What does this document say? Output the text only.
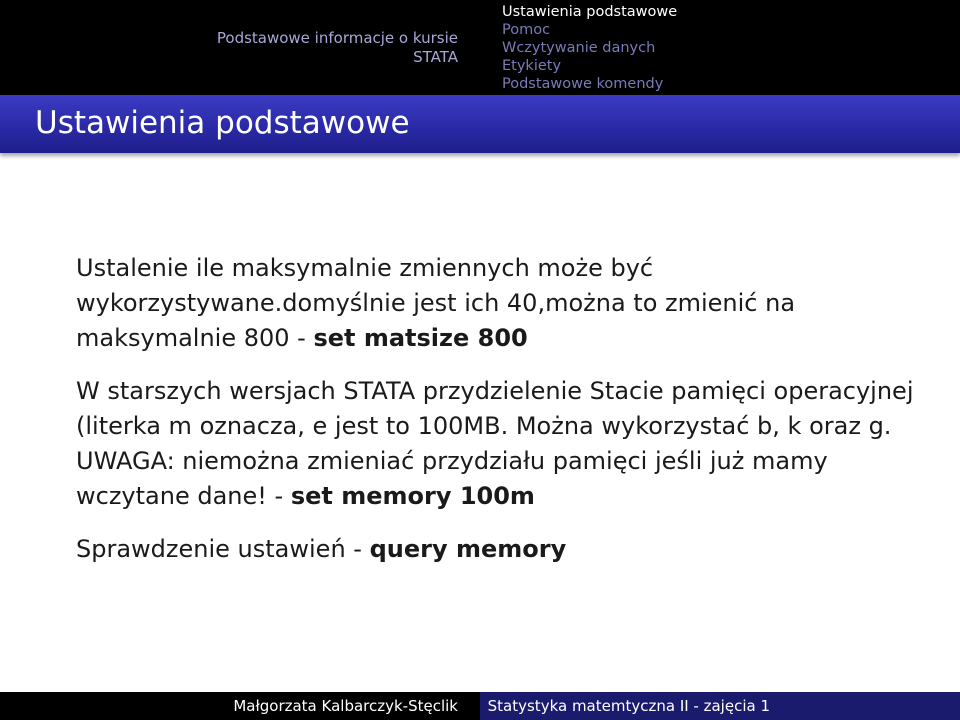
Podstawowe informacje o kursie
STATA
Ustawienia podstawowe
Pomoc
Wczytywanie danych
Etykiety
Podstawowe komendy
Ustawienia podstawowe

Ustalenie ile maksymalnie zmiennych może być wykorzystywane.domyślnie jest ich 40,można to zmienić na maksymalnie 800 - set matsize 800

W starszych wersjach STATA przydzielenie Stacie pamięci operacyjnej (literka m oznacza, e jest to 100MB. Można wykorzystać b, k oraz g. UWAGA: niemożna zmieniać przydziału pamięci jeśli już mamy wczytane dane! - set memory 100m

Sprawdzenie ustawień - query memory

Małgorzata Kalbarczyk-Stęclik Statystyka matemtyczna II - zajęcia 1
